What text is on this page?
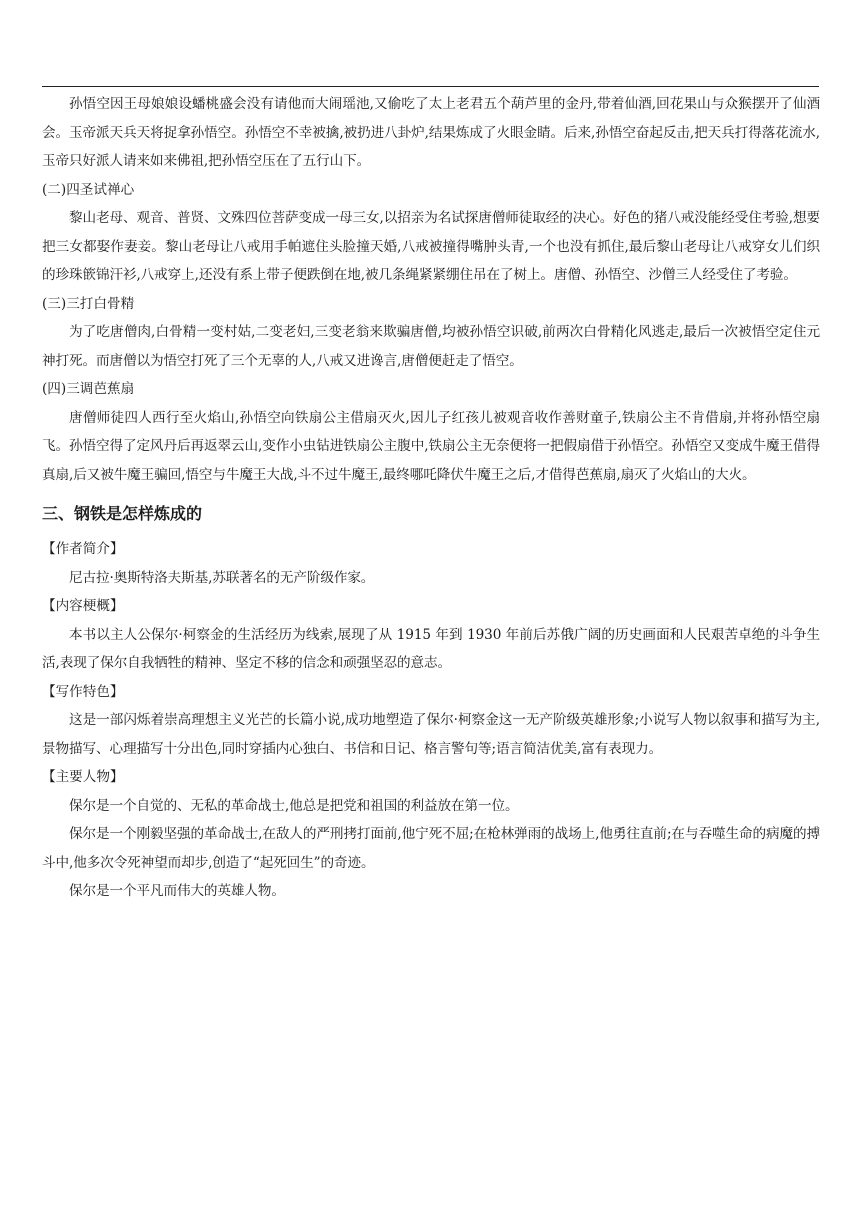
孙悟空因王母娘娘设蟠桃盛会没有请他而大闹瑶池,又偷吃了太上老君五个葫芦里的金丹,带着仙酒,回花果山与众猴摆开了仙酒会。玉帝派天兵天将捉拿孙悟空。孙悟空不幸被擒,被扔进八卦炉,结果炼成了火眼金睛。后来,孙悟空奋起反击,把天兵打得落花流水,玉帝只好派人请来如来佛祖,把孙悟空压在了五行山下。

(二)四圣试禅心

黎山老母、观音、普贤、文殊四位菩萨变成一母三女,以招亲为名试探唐僧师徒取经的决心。好色的猪八戒没能经受住考验,想要把三女都娶作妻妾。黎山老母让八戒用手帕遮住头脸撞天婚,八戒被撞得嘴肿头青,一个也没有抓住,最后黎山老母让八戒穿女儿们织的珍珠篏锦汗衫,八戒穿上,还没有系上带子便跌倒在地,被几条绳紧紧绷住吊在了树上。唐僧、孙悟空、沙僧三人经受住了考验。

(三)三打白骨精

为了吃唐僧肉,白骨精一变村姑,二变老妇,三变老翁来欺骗唐僧,均被孙悟空识破,前两次白骨精化风逃走,最后一次被悟空定住元神打死。而唐僧以为悟空打死了三个无辜的人,八戒又进谗言,唐僧便赶走了悟空。

(四)三调芭蕉扇

唐僧师徒四人西行至火焰山,孙悟空向铁扇公主借扇灭火,因儿子红孩儿被观音收作善财童子,铁扇公主不肯借扇,并将孙悟空扇飞。孙悟空得了定风丹后再返翠云山,变作小虫钻进铁扇公主腹中,铁扇公主无奈便将一把假扇借于孙悟空。孙悟空又变成牛魔王借得真扇,后又被牛魔王骗回,悟空与牛魔王大战,斗不过牛魔王,最终哪吒降伏牛魔王之后,才借得芭蕉扇,扇灭了火焰山的大火。

三、钢铁是怎样炼成的

【作者简介】

尼古拉·奥斯特洛夫斯基,苏联著名的无产阶级作家。

【内容梗概】

本书以主人公保尔·柯察金的生活经历为线索,展现了从 1915 年到 1930 年前后苏俄广阔的历史画面和人民艰苦卓绝的斗争生活,表现了保尔自我牺牲的精神、坚定不移的信念和顽强坚忍的意志。

【写作特色】

这是一部闪烁着崇高理想主义光芒的长篇小说,成功地塑造了保尔·柯察金这一无产阶级英雄形象;小说写人物以叙事和描写为主,景物描写、心理描写十分出色,同时穿插内心独白、书信和日记、格言警句等;语言简洁优美,富有表现力。

【主要人物】

保尔是一个自觉的、无私的革命战士,他总是把党和祖国的利益放在第一位。

保尔是一个刚毅坚强的革命战士,在敌人的严刑拷打面前,他宁死不屈;在枪林弹雨的战场上,他勇往直前;在与吞噬生命的病魔的搏斗中,他多次令死神望而却步,创造了“起死回生”的奇迹。

保尔是一个平凡而伟大的英雄人物。
